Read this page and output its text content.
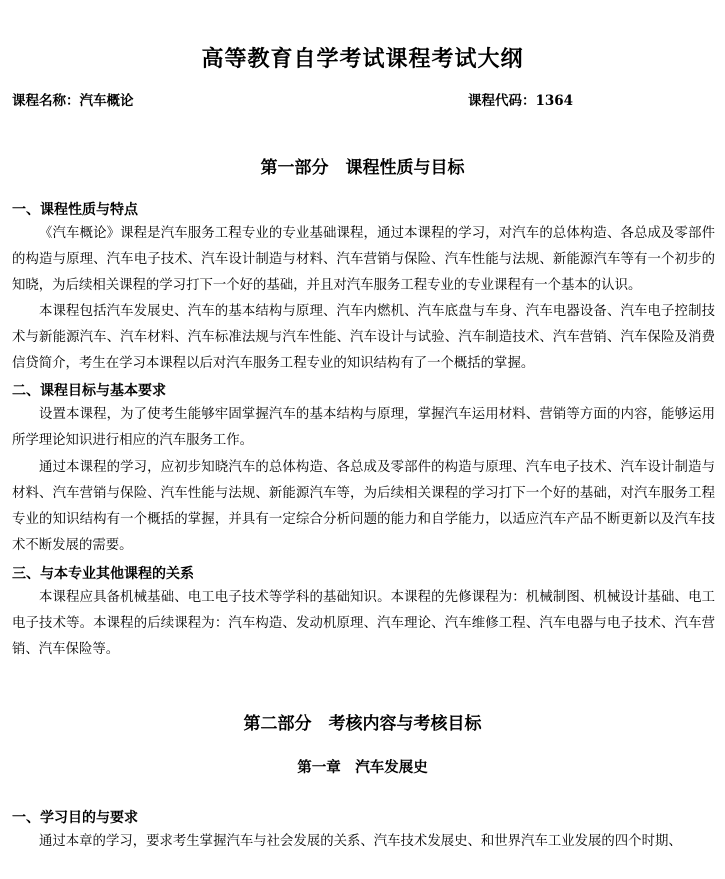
高等教育自学考试课程考试大纲
课程名称：汽车概论	课程代码：1364
第一部分　课程性质与目标
一、课程性质与特点
《汽车概论》课程是汽车服务工程专业的专业基础课程，通过本课程的学习，对汽车的总体构造、各总成及零部件的构造与原理、汽车电子技术、汽车设计制造与材料、汽车营销与保险、汽车性能与法规、新能源汽车等有一个初步的知晓，为后续相关课程的学习打下一个好的基础，并且对汽车服务工程专业的专业课程有一个基本的认识。
本课程包括汽车发展史、汽车的基本结构与原理、汽车内燃机、汽车底盘与车身、汽车电器设备、汽车电子控制技术与新能源汽车、汽车材料、汽车标准法规与汽车性能、汽车设计与试验、汽车制造技术、汽车营销、汽车保险及消费信贷简介，考生在学习本课程以后对汽车服务工程专业的知识结构有了一个概括的掌握。
二、课程目标与基本要求
设置本课程，为了使考生能够牢固掌握汽车的基本结构与原理，掌握汽车运用材料、营销等方面的内容，能够运用所学理论知识进行相应的汽车服务工作。
通过本课程的学习，应初步知晓汽车的总体构造、各总成及零部件的构造与原理、汽车电子技术、汽车设计制造与材料、汽车营销与保险、汽车性能与法规、新能源汽车等，为后续相关课程的学习打下一个好的基础，对汽车服务工程专业的知识结构有一个概括的掌握，并具有一定综合分析问题的能力和自学能力，以适应汽车产品不断更新以及汽车技术不断发展的需要。
三、与本专业其他课程的关系
本课程应具备机械基础、电工电子技术等学科的基础知识。本课程的先修课程为：机械制图、机械设计基础、电工电子技术等。本课程的后续课程为：汽车构造、发动机原理、汽车理论、汽车维修工程、汽车电器与电子技术、汽车营销、汽车保险等。
第二部分　考核内容与考核目标
第一章　汽车发展史
一、学习目的与要求
通过本章的学习，要求考生掌握汽车与社会发展的关系、汽车技术发展史、和世界汽车工业发展的四个时期、
